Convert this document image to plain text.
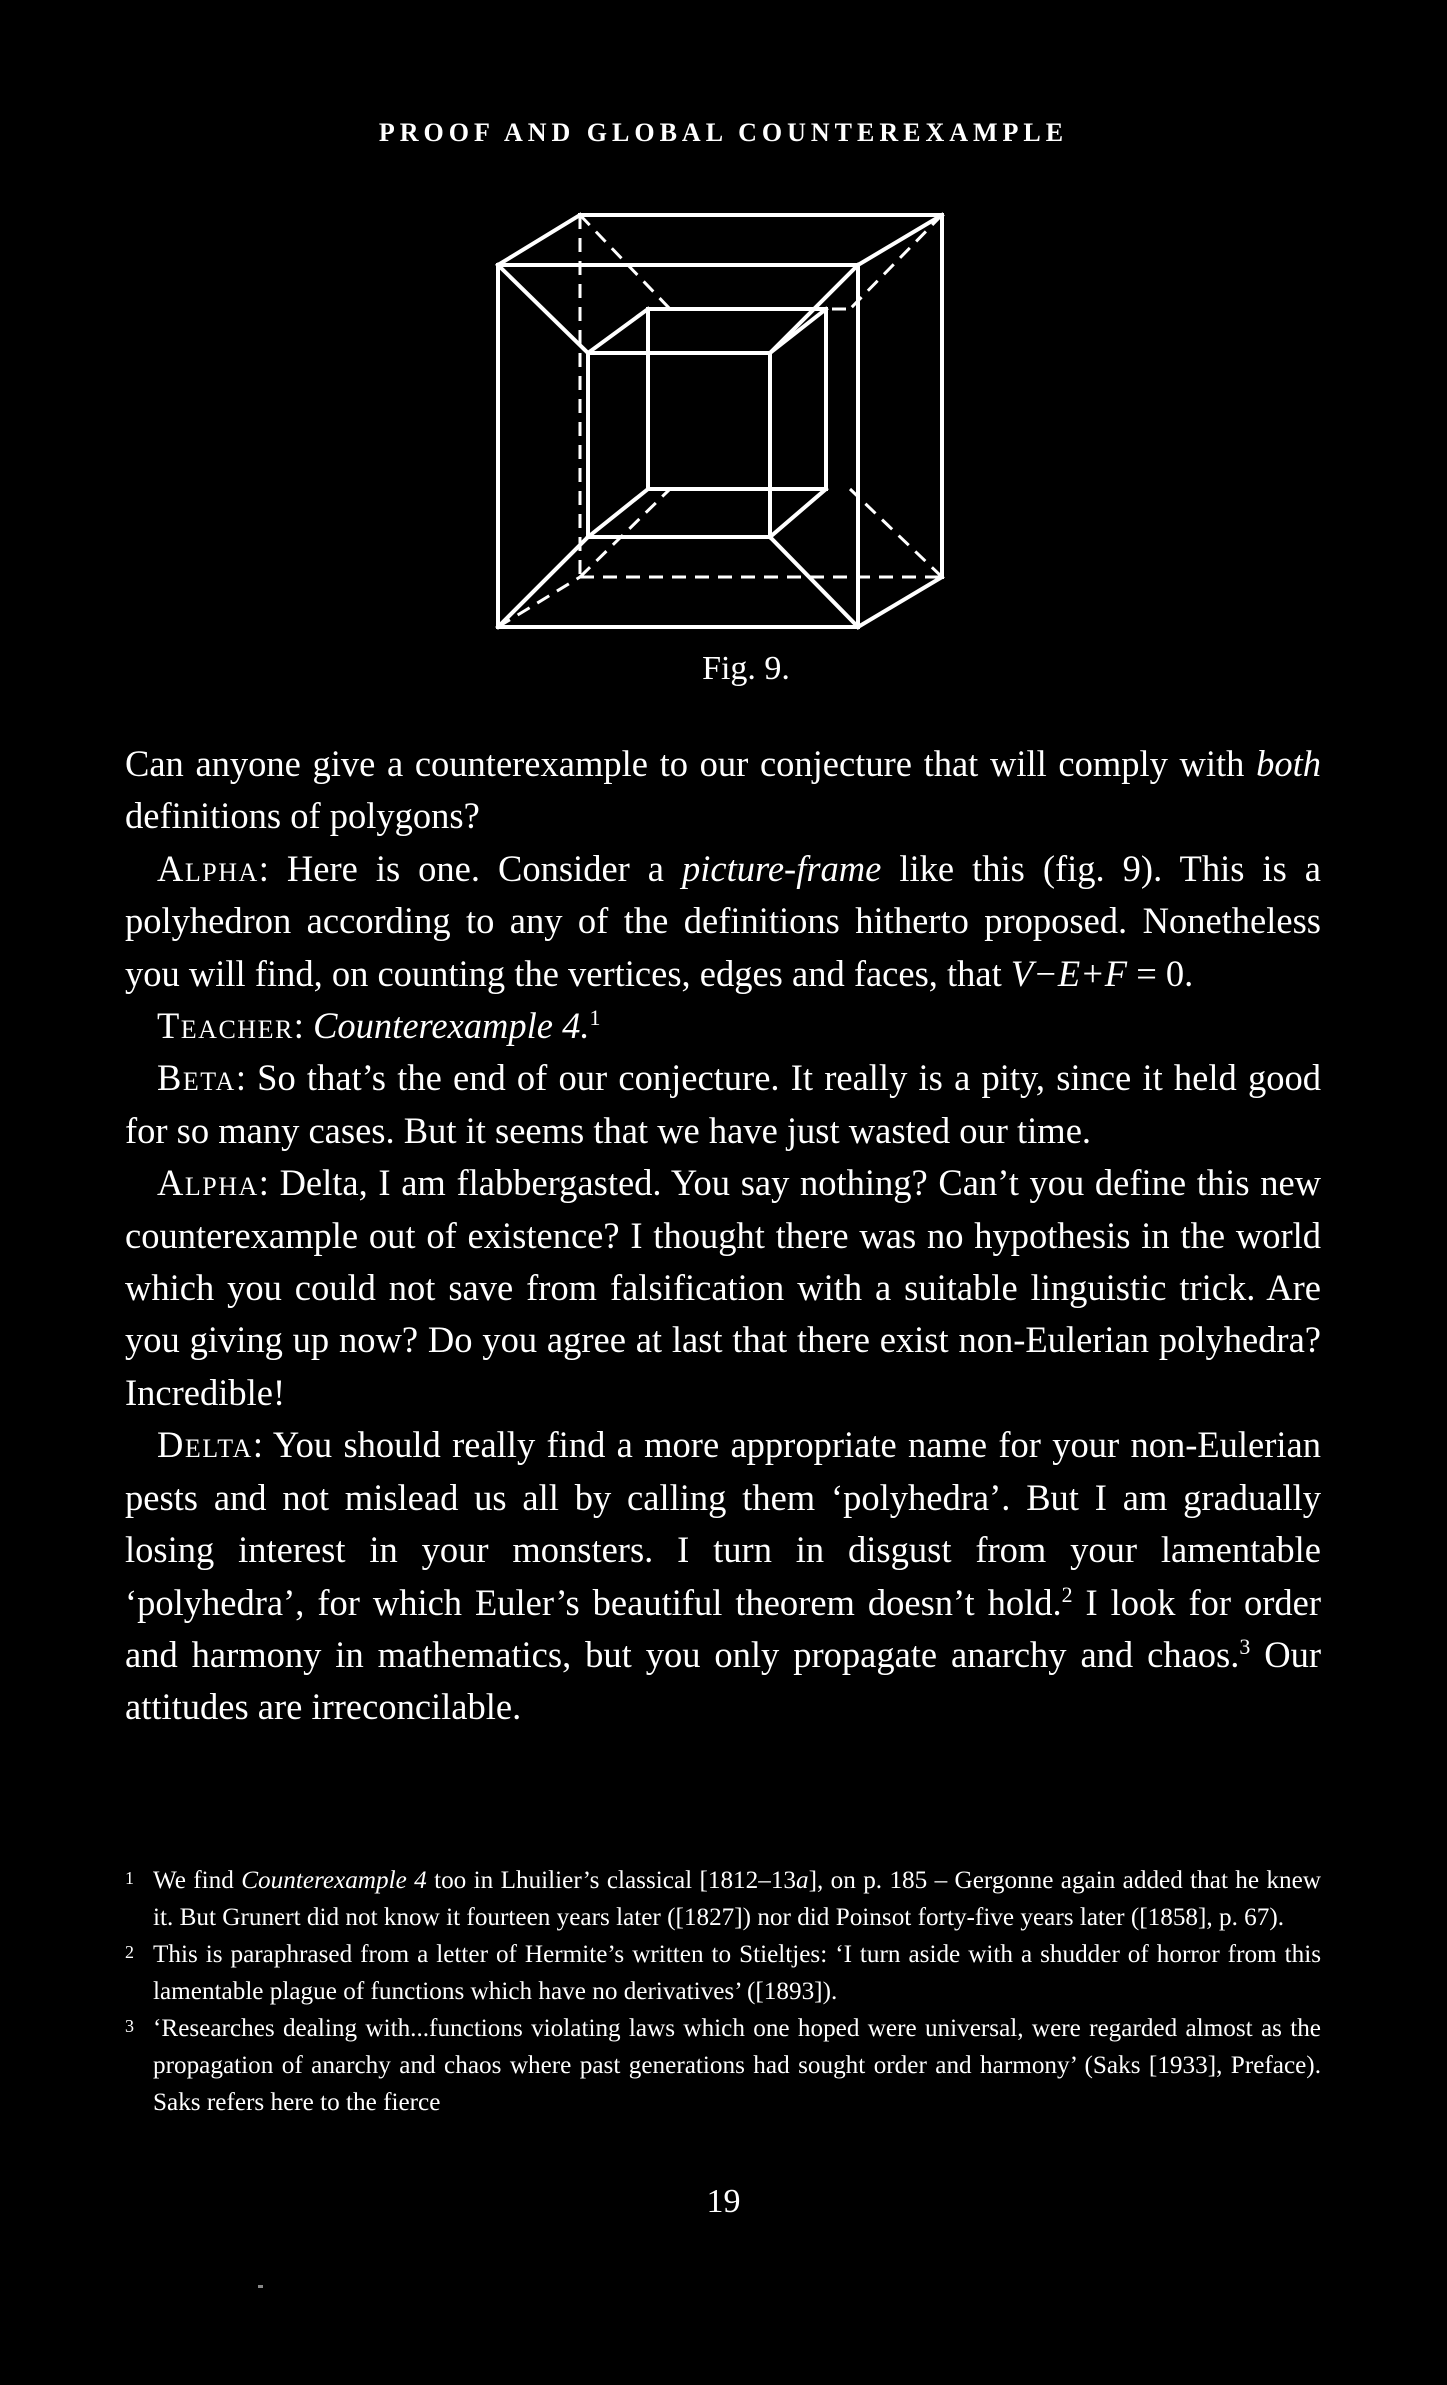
PROOF AND GLOBAL COUNTEREXAMPLE
Fig. 9.

Can anyone give a counterexample to our conjecture that will comply with both definitions of polygons?

Alpha: Here is one. Consider a picture-frame like this (fig. 9). This is a polyhedron according to any of the definitions hitherto proposed. Nonetheless you will find, on counting the vertices, edges and faces, that V−E+F = 0.

Teacher: Counterexample 4.$^1$

Beta: So that’s the end of our conjecture. It really is a pity, since it held good for so many cases. But it seems that we have just wasted our time.

Alpha: Delta, I am flabbergasted. You say nothing? Can’t you define this new counterexample out of existence? I thought there was no hypothesis in the world which you could not save from falsification with a suitable linguistic trick. Are you giving up now? Do you agree at last that there exist non-Eulerian polyhedra? Incredible!

Delta: You should really find a more appropriate name for your non-Eulerian pests and not mislead us all by calling them ‘polyhedra’. But I am gradually losing interest in your monsters. I turn in disgust from your lamentable ‘polyhedra’, for which Euler’s beautiful theorem doesn’t hold.$^2$ I look for order and harmony in mathematics, but you only propagate anarchy and chaos.$^3$ Our attitudes are irreconcilable.

1 We find Counterexample 4 too in Lhuilier’s classical [1812–13a], on p. 185 – Gergonne again added that he knew it. But Grunert did not know it fourteen years later ([1827]) nor did Poinsot forty-five years later ([1858], p. 67).

2 This is paraphrased from a letter of Hermite’s written to Stieltjes: ‘I turn aside with a shudder of horror from this lamentable plague of functions which have no derivatives’ ([1893]).

3 ‘Researches dealing with...functions violating laws which one hoped were universal, were regarded almost as the propagation of anarchy and chaos where past generations had sought order and harmony’ (Saks [1933], Preface). Saks refers here to the fierce

19
